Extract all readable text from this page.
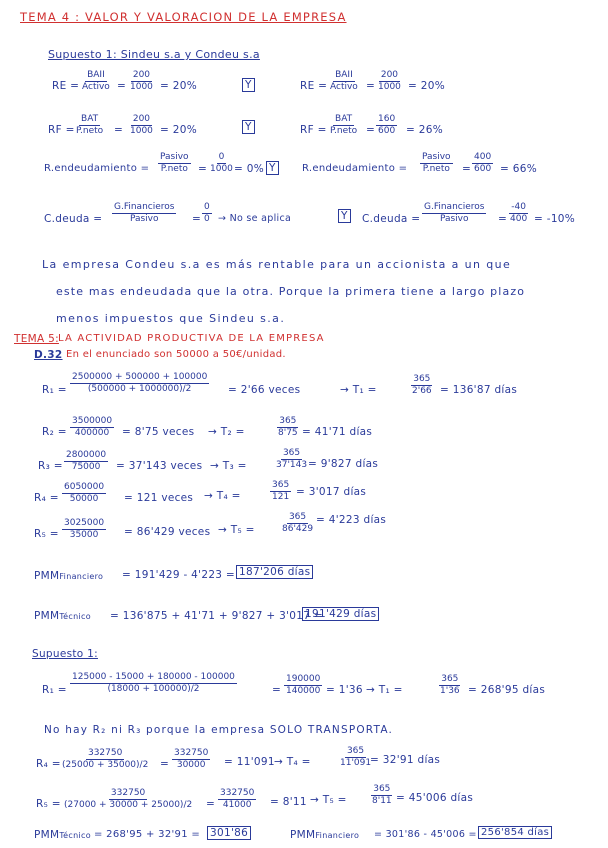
TEMA 4 : VALOR Y VALORACION DE LA EMPRESA
Supuesto 1: Sindeu s.a y Condeu s.a
RE =
BAII
Activo = $\frac{200}{1000} = 20\%$	Y	RE =
BAII
Activo = $\frac{200}{1000} = 20\%$
RF =
BAT
P.neto = $\frac{200}{1000} = 20\%$	Y	RF =
BAT
P.neto = $\frac{160}{600} = 26\%$
R.endeudamiento =
Pasivo
P.neto = $\frac{0}{1000} = 0\%$ Y	R.endeudamiento =
Pasivo
P.neto = $\frac{400}{600} = 66\%$
C.deuda =
G.Financieros
Pasivo	= $\frac{0}{0} \to No$ se aplica	Y C.deuda =
G.Financieros
Pasivo	= $\frac{-40}{400} = -10\%$
La empresa Condeu s.a es más rentable para un accionista a un que
este mas endeudada que la otra. Porque la primera tiene a largo plazo
menos impuestos que Sindeu s.a.
TEMA 5: LA ACTIVIDAD PRODUCTIVA DE LA EMPRESA
D.32 En el enunciado son 50000 a 50€/unidad.
$R_1 = \frac{2500000 + 500000 + 100000}{(500000 + 1000000)/2} = 2'66$ veces	→ T₁ =	$\frac{365}{2'66} = 136'87$ días
$R_2 = \frac{3500000}{400000} = 8'75$ veces → T₂ =	$\frac{365}{8'75} = 41'71$ días
$R_3 = \frac{2800000}{75000} = 37'143$ veces → T₃ =	$\frac{365}{37'143}$
= 9'827 días
$R_4 = \frac{6050000}{50000} = 121$ veces → T₄ =	$\frac{365}{121} = 3'017$ días
$R_5 = \frac{3025000}{35000} = 86'429$ veces → T₅ =	$\frac{365}{86'429} = 4'223$ días
PMMFinanciero = 191'429 - 4'223 = 187'206 días
PMMTécnico = 136'875 + 41'71 + 9'827 + 3'017 =
191'429 días
Supuesto 1:
$R_1 = \frac{125000 - 15000 + 180000 - 100000}{(18000 + 100000)/2}$	= $\frac{190000}{140000} = 1'36 \to T_1$ =	$\frac{365}{1'36} = 268'95$ días
No hay R₂ ni R₃ porque la empresa SOLO TRANSPORTA.
$R_4 = \frac{332750}{(25000 + 35000)/2} = \frac{332750}{30000} = 11'091 \to T_4$ =	$\frac{365}{11'091}$
= 32'91 días
$R_5 = \frac{332750}{(27000 + 30000 + 25000)/2} = \frac{332750}{41000} = 8'11 \to T_5$ =	$\frac{365}{8'11} = 45'006$ días
PMMTécnico = 268'95 + 32'91 = 301'86	PMMFinanciero = 301'86 - 45'006 = 256'854 días
